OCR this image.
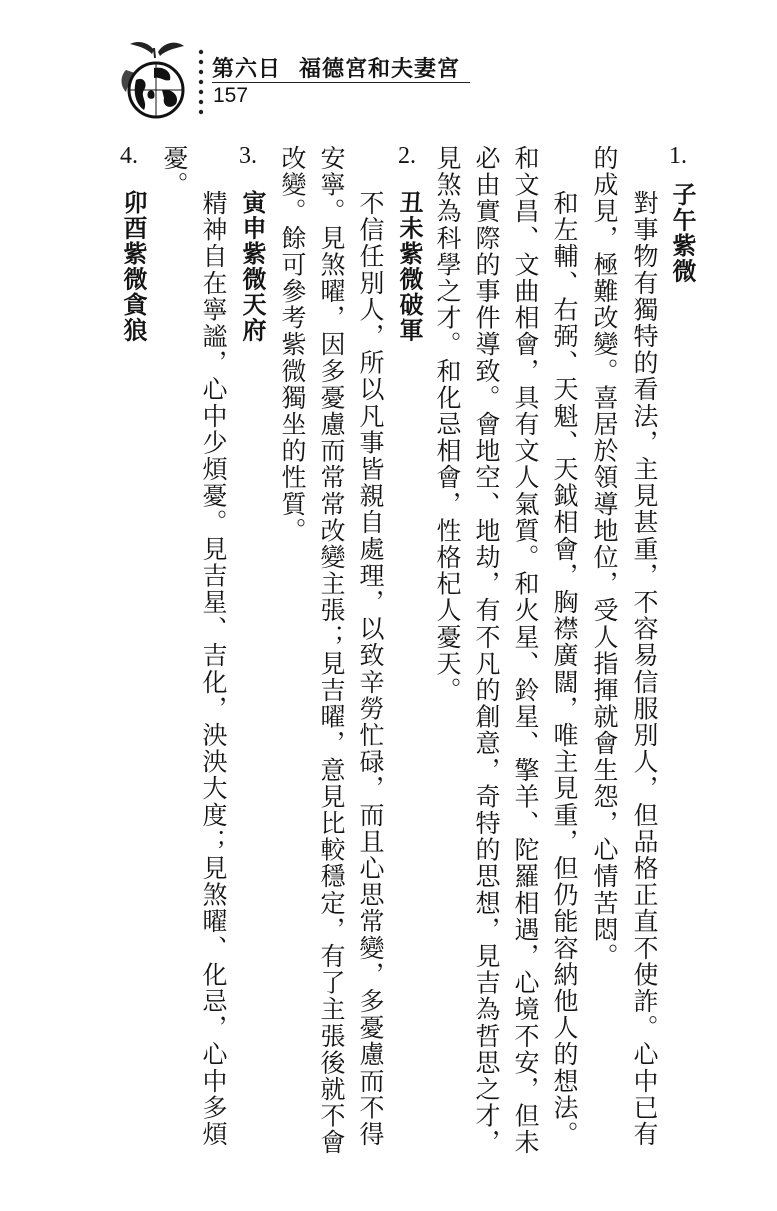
第六日 福德宮和夫妻宮
157
1.
子午紫微
對事物有獨特的看法，主見甚重，不容易信服別人，但品格正直不使詐。心中已有
的成見，極難改變。喜居於領導地位，受人指揮就會生怨，心情苦悶。
和左輔、右弼、天魁、天鉞相會，胸襟廣闊，唯主見重，但仍能容納他人的想法。
和文昌、文曲相會，具有文人氣質。和火星、鈴星、擎羊、陀羅相遇，心境不安，但未
必由實際的事件導致。會地空、地劫，有不凡的創意，奇特的思想，見吉為哲思之才，
見煞為科學之才。和化忌相會，性格杞人憂天。
2.
丑未紫微破軍
不信任別人，所以凡事皆親自處理，以致辛勞忙碌，而且心思常變，多憂慮而不得
安寧。見煞曜，因多憂慮而常常改變主張；見吉曜，意見比較穩定，有了主張後就不會
改變。餘可參考紫微獨坐的性質。
3.
寅申紫微天府
精神自在寧謐，心中少煩憂。見吉星、吉化，泱泱大度；見煞曜、化忌，心中多煩
憂。
4.
卯酉紫微貪狼
